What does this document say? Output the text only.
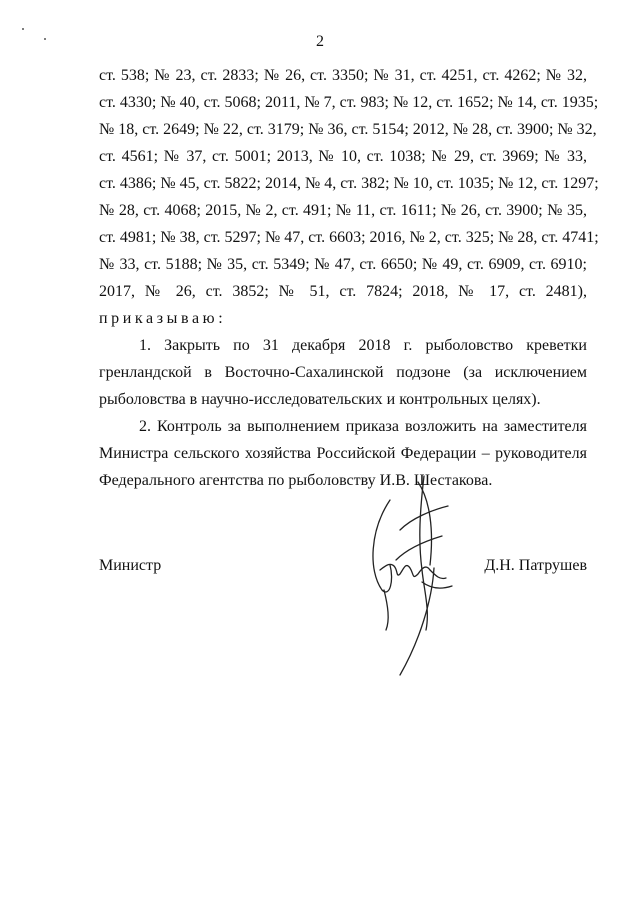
2
ст. 538; № 23, ст. 2833; № 26, ст. 3350; № 31, ст. 4251, ст. 4262; № 32,
ст. 4330; № 40, ст. 5068; 2011, № 7, ст. 983; № 12, ст. 1652; № 14, ст. 1935;
№ 18, ст. 2649; № 22, ст. 3179; № 36, ст. 5154; 2012, № 28, ст. 3900; № 32,
ст. 4561; № 37, ст. 5001; 2013, № 10, ст. 1038; № 29, ст. 3969; № 33,
ст. 4386; № 45, ст. 5822; 2014, № 4, ст. 382; № 10, ст. 1035; № 12, ст. 1297;
№ 28, ст. 4068; 2015, № 2, ст. 491; № 11, ст. 1611; № 26, ст. 3900; № 35,
ст. 4981; № 38, ст. 5297; № 47, ст. 6603; 2016, № 2, ст. 325; № 28, ст. 4741;
№ 33, ст. 5188; № 35, ст. 5349; № 47, ст. 6650; № 49, ст. 6909, ст. 6910;
2017, № 26, ст. 3852; № 51, ст. 7824; 2018, № 17, ст. 2481),
приказываю:
1. Закрыть по 31 декабря 2018 г. рыболовство креветки
гренландской в Восточно-Сахалинской подзоне (за исключением
рыболовства в научно-исследовательских и контрольных целях).
2. Контроль за выполнением приказа возложить на заместителя
Министра сельского хозяйства Российской Федерации – руководителя
Федерального агентства по рыболовству И.В. Шестакова.
Министр	Д.Н. Патрушев
